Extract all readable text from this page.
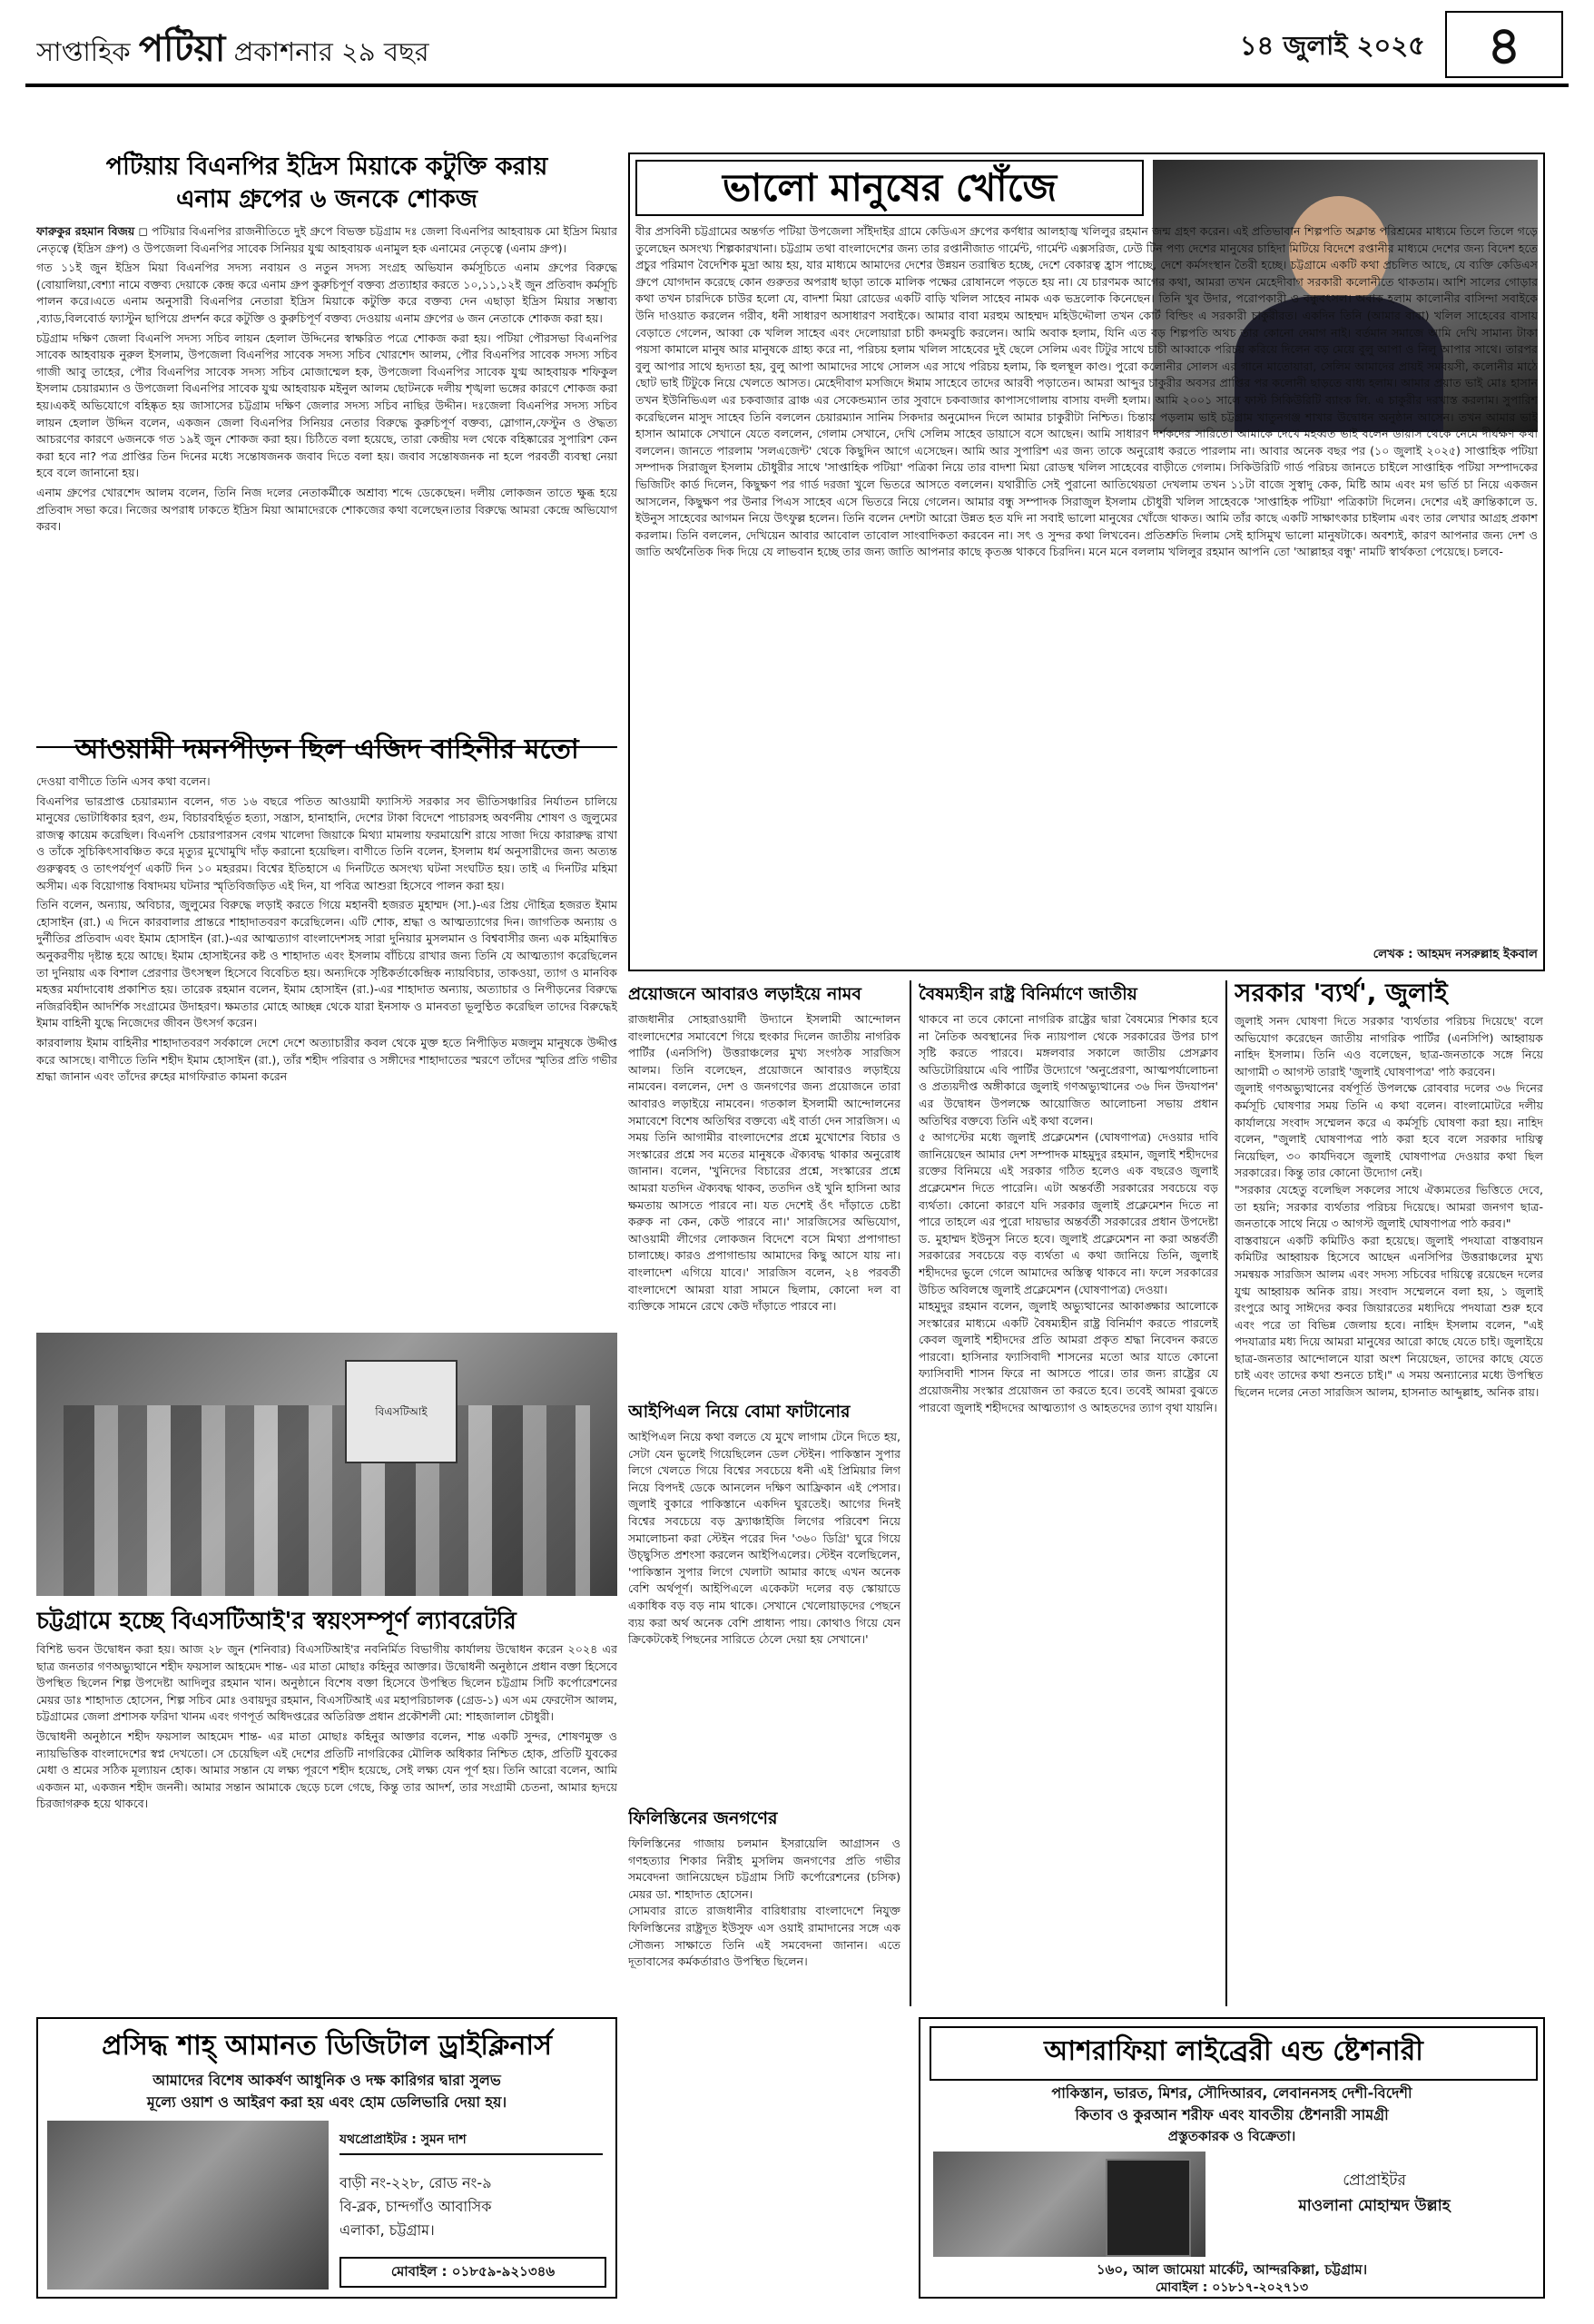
সাপ্তাহিক পটিয়া প্রকাশনার ২৯ বছর	১৪ জুলাই ২০২৫	৪
পটিয়ায় বিএনপির ইদ্রিস মিয়াকে কটুক্তি করায়
এনাম গ্রুপের ৬ জনকে শোকজ

ফারুকুর রহমান বিজয় ◻ পটিয়ার বিএনপির রাজনীতিতে দুই গ্রুপে বিভক্ত চট্টগ্রাম দঃ জেলা বিএনপির আহবায়ক মো ইদ্রিস মিয়ার নেতৃত্বে (ইদ্রিস গ্রুপ) ও উপজেলা বিএনপির সাবেক সিনিয়র যুগ্ম আহবায়ক এনামুল হক এনামের নেতৃত্বে (এনাম গ্রুপ)।

গত ১১ই জুন ইদ্রিস মিয়া বিএনপির সদস্য নবায়ন ও নতুন সদস্য সংগ্রহ অভিযান কর্মসূচিতে এনাম গ্রুপের বিরুদ্ধে (বোয়ালিয়া,বেশ্যা নামে বক্তব্য দেয়াকে কেন্দ্র করে এনাম গ্রুপ কুরুচিপূর্ণ বক্তব্য প্রত্যাহার করতে ১০,১১,১২ই জুন প্রতিবাদ কর্মসূচি পালন করে।এতে এনাম অনুসারী বিএনপির নেতারা ইদ্রিস মিয়াকে কটুক্তি করে বক্তব্য দেন এছাড়া ইদ্রিস মিয়ার সম্ভাব্য ,ব্যাড,বিলবোর্ড ফ্যাস্টুন ছাপিয়ে প্রদর্শন করে কটুক্তি ও কুরুচিপূর্ণ বক্তব্য দেওয়ায় এনাম গ্রুপের ৬ জন নেতাকে শোকজ করা হয়।

চট্টগ্রাম দক্ষিণ জেলা বিএনপি সদস্য সচিব লায়ন হেলাল উদ্দিনের স্বাক্ষরিত পত্রে শোকজ করা হয়। পটিয়া পৌরসভা বিএনপির সাবেক আহবায়ক নুরুল ইসলাম, উপজেলা বিএনপির সাবেক সদস্য সচিব খোরশেদ আলম, পৌর বিএনপির সাবেক সদস্য সচিব গাজী আবু তাহের, পৌর বিএনপির সাবেক সদস্য সচিব মোজাম্মেল হক, উপজেলা বিএনপির সাবেক যুগ্ম আহবায়ক শফিকুল ইসলাম চেয়ারম্যান ও উপজেলা বিএনপির সাবেক যুগ্ম আহবায়ক মইনুল আলম ছোটনকে দলীয় শৃঙ্খলা ভঙ্গের কারণে শোকজ করা হয়।একই অভিযোগে বহিষ্কৃত হয় জাসাসের চট্টগ্রাম দক্ষিণ জেলার সদস্য সচিব নাছির উদ্দীন। দঃজেলা বিএনপির সদস্য সচিব লায়ন হেলাল উদ্দিন বলেন, একজন জেলা বিএনপির সিনিয়র নেতার বিরুদ্ধে কুরুচিপূর্ণ বক্তব্য, স্লোগান,ফেস্টুন ও ঔদ্ধত্য আচরণের কারণে ৬জনকে গত ১৯ই জুন শোকজ করা হয়। চিঠিতে বলা হয়েছে, তারা কেন্দ্রীয় দল থেকে বহিষ্কারের সুপারিশ কেন করা হবে না? পত্র প্রাপ্তির তিন দিনের মধ্যে সন্তোষজনক জবাব দিতে বলা হয়। জবাব সন্তোষজনক না হলে পরবর্তী ব্যবস্থা নেয়া হবে বলে জানানো হয়।

এনাম গ্রুপের খোরশেদ আলম বলেন, তিনি নিজ দলের নেতাকর্মীকে অশ্রাব্য শব্দে ডেকেছেন। দলীয় লোকজন তাতে ক্ষুব্ধ হয়ে প্রতিবাদ সভা করে। নিজের অপরাধ ঢাকতে ইদ্রিস মিয়া আমাদেরকে শোকজের কথা বলেছেন।তার বিরুদ্ধে আমরা কেন্দ্রে অভিযোগ করব।

আওয়ামী দমনপীড়ন ছিল এজিদ বাহিনীর মতো

দেওয়া বাণীতে তিনি এসব কথা বলেন।

বিএনপির ভারপ্রাপ্ত চেয়ারম্যান বলেন, গত ১৬ বছরে পতিত আওয়ামী ফ্যাসিস্ট সরকার সব ভীতিসঞ্চারির নির্যাতন চালিয়ে মানুষের ভোটাধিকার হরণ, গুম, বিচারবহির্ভূত হত্যা, সন্ত্রাস, হানাহানি, দেশের টাকা বিদেশে পাচারসহ অবর্ণনীয় শোষণ ও জুলুমের রাজত্ব কায়েম করেছিল। বিএনপি চেয়ারপারসন বেগম খালেদা জিয়াকে মিথ্যা মামলায় ফরমায়েশি রায়ে সাজা দিয়ে কারারুদ্ধ রাখা ও তাঁকে সুচিকিৎসাবঞ্চিত করে মৃত্যুর মুখোমুখি দাঁড় করানো হয়েছিল। বাণীতে তিনি বলেন, ইসলাম ধর্ম অনুসারীদের জন্য অত্যন্ত গুরুত্ববহ ও তাৎপর্যপূর্ণ একটি দিন ১০ মহররম। বিশ্বের ইতিহাসে এ দিনটিতে অসংখ্য ঘটনা সংঘটিত হয়। তাই এ দিনটির মহিমা অসীম। এক বিয়োগান্ত বিষাদময় ঘটনার স্মৃতিবিজড়িত এই দিন, যা পবিত্র আশুরা হিসেবে পালন করা হয়।

তিনি বলেন, অন্যায়, অবিচার, জুলুমের বিরুদ্ধে লড়াই করতে গিয়ে মহানবী হজরত মুহাম্মদ (সা.)-এর প্রিয় দৌহিত্র হজরত ইমাম হোসাইন (রা.) এ দিনে কারবালার প্রান্তরে শাহাদাতবরণ করেছিলেন। এটি শোক, শ্রদ্ধা ও আত্মত্যাগের দিন। জাগতিক অন্যায় ও দুর্নীতির প্রতিবাদ এবং ইমাম হোসাইন (রা.)-এর আত্মত্যাগ বাংলাদেশসহ সারা দুনিয়ার মুসলমান ও বিশ্ববাসীর জন্য এক মহিমান্বিত অনুকরণীয় দৃষ্টান্ত হয়ে আছে। ইমাম হোসাইনের কষ্ট ও শাহাদাত এবং ইসলাম বাঁচিয়ে রাখার জন্য তিনি যে আত্মত্যাগ করেছিলেন তা দুনিয়ায় এক বিশাল প্রেরণার উৎসস্থল হিসেবে বিবেচিত হয়। অন্যদিকে সৃষ্টিকর্তাকেন্দ্রিক ন্যায়বিচার, তাকওয়া, ত্যাগ ও মানবিক মহত্তর মর্যাদাবোধ প্রকাশিত হয়। তারেক রহমান বলেন, ইমাম হোসাইন (রা.)-এর শাহাদাত অন্যায়, অত্যাচার ও নিপীড়নের বিরুদ্ধে নজিরবিহীন আদর্শিক সংগ্রামের উদাহরণ। ক্ষমতার মোহে আচ্ছন্ন থেকে যারা ইনসাফ ও মানবতা ভূলুণ্ঠিত করেছিল তাদের বিরুদ্ধেই ইমাম বাহিনী যুদ্ধে নিজেদের জীবন উৎসর্গ করেন।

কারবালায় ইমাম বাহিনীর শাহাদাতবরণ সর্বকালে দেশে দেশে অত্যাচারীর কবল থেকে মুক্ত হতে নিপীড়িত মজলুম মানুষকে উদ্দীপ্ত করে আসছে। বাণীতে তিনি শহীদ ইমাম হোসাইন (রা.), তাঁর শহীদ পরিবার ও সঙ্গীদের শাহাদাতের স্মরণে তাঁদের স্মৃতির প্রতি গভীর শ্রদ্ধা জানান এবং তাঁদের রুহের মাগফিরাত কামনা করেন

ভালো মানুষের খোঁজে

বীর প্রসবিনী চট্টগ্রামের অন্তর্গত পটিয়া উপজেলা সাঁইদাইর গ্রামে কেডিএস গ্রুপের কর্ণধার আলহাজ্ব খলিলুর রহমান জন্ম গ্রহণ করেন। এই প্রতিভাবান শিল্পপতি অক্লান্ত পরিশ্রমের মাধ্যমে তিলে তিলে গড়ে তুলেছেন অসংখ্য শিল্পকারখানা। চট্টগ্রাম তথা বাংলাদেশের জন্য তার রপ্তানীজাত গার্মেন্ট, গার্মেন্ট এক্সসরিজ, ঢেউ টিন পণ্য দেশের মানুষের চাহিদা মিটিয়ে বিদেশে রপ্তানীর মাধ্যমে দেশের জন্য বিদেশ হতে প্রচুর পরিমাণ বৈদেশিক মুদ্রা আয় হয়, যার মাধ্যমে আমাদের দেশের উন্নয়ন তরান্বিত হচ্ছে, দেশে বেকারত্ব হ্রাস পাচ্ছে, দেশে কর্মসংস্থান তৈরী হচ্ছে। চট্টগ্রামে একটি কথা প্রচলিত আছে, যে ব্যক্তি কেডিএস গ্রুপে যোগদান করেছে কোন গুরুতর অপরাধ ছাড়া তাকে মালিক পক্ষের রোষানলে পড়তে হয় না। যে চারণমক আগের কথা, আমরা তখন মেহেদীবাগ সরকারী কলোনীতে থাকতাম। আশি সালের গোড়ার কথা তখন চারদিকে চাউর হলো যে, বাদশা মিয়া রোডের একটি বাড়ি খলিল সাহেব নামক এক ভদ্রলোক কিনেছেন। তিনি খুব উদার, পরোপকারী ও বন্ধুবৎসল। অবাক হলাম কালোনীর বাসিন্দা সবাইকে উনি দাওয়াত করলেন গরীব, ধনী সাধারণ অসাধারণ সবাইকে। আমার বাবা মরহুম আহম্মদ মহিউদ্দৌলা তখন কোর্ট বিল্ডিং এ সরকারী চাকুরীরত। একদিন তিনি (আমার বাবা) খলিল সাহেবের বাসায় বেড়াতে গেলেন, আব্বা কে খলিল সাহেব এবং দেলোয়ারা চাচী কদমবুচি করলেন। আমি অবাক হলাম, যিনি এত বড় শিল্পপতি অথচ তার কোনো দেমাগ নাই। বর্তমান সমাজে আমি দেখি সামান্য টাকা পয়সা কামালে মানুষ আর মানুষকে গ্রাহ্য করে না, পরিচয় হলাম খলিল সাহেবের দুই ছেলে সেলিম এবং টিটুর সাথে চাচী আব্বাকে পরিচয় করিয়ে দিলেন বড় মেয়ে বুলু আপা ও নিলু আপার সাথে। তারপর বুলু আপার সাথে হৃদ্যতা হয়, বুলু আপা আমাদের সাথে সোলস এর সাথে পরিচয় হলাম, কি হুলস্থূল কাণ্ড। পুরো কলোনীর সোলস এর গানে মাতোয়ারা, সেলিম আমাদের প্রায়ই সমবয়সী, কলোনীর মাঠে ছোট ভাই টিটুকে নিয়ে খেলতে আসত। মেহেদীবাগ মসজিদে ঈমাম সাহেবে তাদের আরবী পড়াতেন। আমরা আব্দুর চাকুরীর অবসর প্রাপ্তির পর কলোনী ছাড়তে বাধ্য হলাম। আমার প্রয়াত ভাই মোঃ হাসান তখন ইউনিভিএল এর চকবাজার ব্রাঞ্চ এর সেকেন্ডম্যান তার সুবাদে চকবাজার কাপাসগোলায় বাসায় বদলী হলাম। আমি ২০০১ সালে ফাস্ট সিকিউরিটি ব্যাংক লি. এ চাকুরীর দরখাস্ত করলাম। সুপারিশ করেছিলেন মাসুদ সাহেব তিনি বললেন চেয়ারম্যান সানিম সিকদার অনুমোদন দিলে আমার চাকুরীটা নিশ্চিত। চিন্তায় পড়লাম ভাই চট্টগ্রাম খাতুনগঞ্জ শাখার উদ্বোধন অনুষ্ঠান আসেন। তখন আমার ভাই হাসান আমাকে সেখানে যেতে বললেন, গেলাম সেখানে, দেখি সেলিম সাহেব ডায়াসে বসে আছেন। আমি সাধারণ দর্শকদের সারিতে। আমাকে দেখে মহব্বত ভাই বলেন ডায়াস থেকে নেমে দীর্ঘক্ষণ কথা বললেন। জানতে পারলাম 'সলএজেন্ট' থেকে কিছুদিন আগে এসেছেন। আমি আর সুপারিশ এর জন্য তাকে অনুরোধ করতে পারলাম না। আবার অনেক বছর পর (১০ জুলাই ২০২৫) সাপ্তাহিক পটিয়া সম্পাদক সিরাজুল ইসলাম চৌধুরীর সাথে 'সাপ্তাহিক পটিয়া' পত্রিকা নিয়ে তার বাদশা মিয়া রোডস্থ খলিল সাহেবের বাড়ীতে গেলাম। সিকিউরিটি গার্ড পরিচয় জানতে চাইলে সাপ্তাহিক পটিয়া সম্পাদকের ভিজিটিং কার্ড দিলেন, কিছুক্ষণ পর গার্ড দরজা খুলে ভিতরে আসতে বললেন। যথারীতি সেই পুরানো আতিথেয়তা দেখলাম তখন ১১টা বাজে সুস্বাদু কেক, মিষ্টি আম এবং মগ ভর্তি চা নিয়ে একজন আসলেন, কিছুক্ষণ পর উনার পিএস সাহেব এসে ভিতরে নিয়ে গেলেন। আমার বন্ধু সম্পাদক সিরাজুল ইসলাম চৌধুরী খলিল সাহেবকে 'সাপ্তাহিক পটিয়া' পত্রিকাটা দিলেন। দেশের এই ক্রান্তিকালে ড. ইউনুস সাহেবের আগমন নিয়ে উৎফুল্ল হলেন। তিনি বলেন দেশটা আরো উন্নত হত যদি না সবাই ভালো মানুষের খোঁজে থাকত। আমি তাঁর কাছে একটি সাক্ষাৎকার চাইলাম এবং তার লেখার আগ্রহ প্রকাশ করলাম। তিনি বললেন, দেখিয়েন আবার আবোল তাবোল সাংবাদিকতা করবেন না। সৎ ও সুন্দর কথা লিখবেন। প্রতিশ্রুতি দিলাম সেই হাসিমুখ ভালো মানুষটাকে। অবশ্যই, কারণ আপনার জন্য দেশ ও জাতি অর্থনৈতিক দিক দিয়ে যে লাভবান হচ্ছে তার জন্য জাতি আপনার কাছে কৃতজ্ঞ থাকবে চিরদিন। মনে মনে বললাম খলিলুর রহমান আপনি তো 'আল্লাহর বন্ধু' নামটি স্বার্থকতা পেয়েছে। চলবে-

লেখক : আহমদ নসরুল্লাহ ইকবাল
প্রয়োজনে আবারও লড়াইয়ে নামব
রাজধানীর সোহরাওয়ার্দী উদ্যানে ইসলামী আন্দোলন বাংলাদেশের সমাবেশে গিয়ে হুংকার দিলেন জাতীয় নাগরিক পার্টির (এনসিপি) উত্তরাঞ্চলের মুখ্য সংগঠক সারজিস আলম। তিনি বলেছেন, প্রয়োজনে আবারও লড়াইয়ে নামবেন। বললেন, দেশ ও জনগণের জন্য প্রয়োজনে তারা আবারও লড়াইয়ে নামবেন। গতকাল ইসলামী আন্দোলনের সমাবেশে বিশেষ অতিথির বক্তব্যে এই বার্তা দেন সারজিস। এ সময় তিনি আগামীর বাংলাদেশের প্রশ্নে মুখোশের বিচার ও সংস্কারের প্রশ্নে সব মতের মানুষকে ঐক্যবদ্ধ থাকার অনুরোধ জানান। বলেন, 'খুনিদের বিচারের প্রশ্নে, সংস্কারের প্রশ্নে আমরা যতদিন ঐক্যবদ্ধ থাকব, ততদিন ওই খুনি হাসিনা আর ক্ষমতায় আসতে পারবে না। যত দেশেই ওঁৎ দাঁড়াতে চেষ্টা করুক না কেন, কেউ পারবে না।' সারজিসের অভিযোগ, আওয়ামী লীগের লোকজন বিদেশে বসে মিথ্যা প্রপাগান্ডা চালাচ্ছে। কারও প্রপাগান্ডায় আমাদের কিছু আসে যায় না। বাংলাদেশ এগিয়ে যাবে।' সারজিস বলেন, ২৪ পরবর্তী বাংলাদেশে আমরা যারা সামনে ছিলাম, কোনো দল বা ব্যক্তিকে সামনে রেখে কেউ দাঁড়াতে পারবে না।
বৈষম্যহীন রাষ্ট্র বিনির্মাণে জাতীয়
থাকবে না তবে কোনো নাগরিক রাষ্ট্রের দ্বারা বৈষম্যের শিকার হবে না নৈতিক অবস্থানের দিক ন্যায়পাল থেকে সরকারের উপর চাপ সৃষ্টি করতে পারবে। মঙ্গলবার সকালে জাতীয় প্রেসক্লাব অডিটোরিয়ামে এবি পার্টির উদ্যোগে 'অনুপ্রেরণা, আত্মপর্যালোচনা ও প্রত্যয়দীপ্ত অঙ্গীকারে জুলাই গণঅভ্যুত্থানের ৩৬ দিন উদযাপন' এর উদ্বোধন উপলক্ষে আয়োজিত আলোচনা সভায় প্রধান অতিথির বক্তব্যে তিনি এই কথা বলেন।
৫ আগস্টের মধ্যে জুলাই প্রক্লেমেশন (ঘোষণাপত্র) দেওয়ার দাবি জানিয়েছেন আমার দেশ সম্পাদক মাহমুদুর রহমান, জুলাই শহীদদের রক্তের বিনিময়ে এই সরকার গঠিত হলেও এক বছরেও জুলাই প্রক্লেমেশন দিতে পারেনি। এটা অন্তর্বর্তী সরকারের সবচেয়ে বড় ব্যর্থতা। কোনো কারণে যদি সরকার জুলাই প্রক্লেমেশন দিতে না পারে তাহলে এর পুরো দায়ভার অন্তর্বর্তী সরকারের প্রধান উপদেষ্টা ড. মুহাম্মদ ইউনুস নিতে হবে। জুলাই প্রক্লেমেশন না করা অন্তর্বর্তী সরকারের সবচেয়ে বড় ব্যর্থতা এ কথা জানিয়ে তিনি, জুলাই শহীদদের ভুলে গেলে আমাদের অস্তিত্ব থাকবে না। ফলে সরকারের উচিত অবিলম্বে জুলাই প্রক্লেমেশন (ঘোষণাপত্র) দেওয়া।
মাহমুদুর রহমান বলেন, জুলাই অভ্যুত্থানের আকাঙ্ক্ষার আলোকে সংস্কারের মাধ্যমে একটি বৈষম্যহীন রাষ্ট্র বিনির্মাণ করতে পারলেই কেবল জুলাই শহীদদের প্রতি আমরা প্রকৃত শ্রদ্ধা নিবেদন করতে পারবো। হাসিনার ফ্যাসিবাদী শাসনের মতো আর যাতে কোনো ফ্যাসিবাদী শাসন ফিরে না আসতে পারে। তার জন্য রাষ্ট্রের যে প্রয়োজনীয় সংস্কার প্রয়োজন তা করতে হবে। তবেই আমরা বুঝতে পারবো জুলাই শহীদদের আত্মত্যাগ ও আহতদের ত্যাগ বৃথা যায়নি।
সরকার 'ব্যর্থ', জুলাই
জুলাই সনদ ঘোষণা দিতে সরকার 'ব্যর্থতার পরিচয় দিয়েছে' বলে অভিযোগ করেছেন জাতীয় নাগরিক পার্টির (এনসিপি) আহ্বায়ক নাহিদ ইসলাম। তিনি এও বলেছেন, ছাত্র-জনতাকে সঙ্গে নিয়ে আগামী ৩ আগস্ট তারাই 'জুলাই ঘোষণাপত্র' পাঠ করবেন।
জুলাই গণঅভ্যুত্থানের বর্ষপূর্তি উপলক্ষে রোববার দলের ৩৬ দিনের কর্মসূচি ঘোষণার সময় তিনি এ কথা বলেন। বাংলামোটরে দলীয় কার্যালয়ে সংবাদ সম্মেলন করে এ কর্মসূচি ঘোষণা করা হয়। নাহিদ বলেন, "জুলাই ঘোষণাপত্র পাঠ করা হবে বলে সরকার দায়িত্ব নিয়েছিল, ৩০ কার্যদিবসে জুলাই ঘোষণাপত্র দেওয়ার কথা ছিল সরকারের। কিন্তু তার কোনো উদ্যোগ নেই।
"সরকার যেহেতু বলেছিল সকলের সাথে ঐক্যমতের ভিত্তিতে দেবে, তা হয়নি; সরকার ব্যর্থতার পরিচয় দিয়েছে। আমরা জনগণ ছাত্র-জনতাকে সাথে নিয়ে ৩ আগস্ট জুলাই ঘোষণাপত্র পাঠ করব।"
বাস্তবায়নে একটি কমিটিও করা হয়েছে। জুলাই পদযাত্রা বাস্তবায়ন কমিটির আহ্বায়ক হিসেবে আছেন এনসিপির উত্তরাঞ্চলের মুখ্য সমন্বয়ক সারজিস আলম এবং সদস্য সচিবের দায়িত্বে রয়েছেন দলের যুগ্ম আহ্বায়ক অনিক রায়। সংবাদ সম্মেলনে বলা হয়, ১ জুলাই রংপুরে আবু সাঈদের কবর জিয়ারতের মধ্যদিয়ে পদযাত্রা শুরু হবে এবং পরে তা বিভিন্ন জেলায় হবে। নাহিদ ইসলাম বলেন, "এই পদযাত্রার মধ্য দিয়ে আমরা মানুষের আরো কাছে যেতে চাই। জুলাইয়ে ছাত্র-জনতার আন্দোলনে যারা অংশ নিয়েছেন, তাদের কাছে যেতে চাই এবং তাদের কথা শুনতে চাই।" এ সময় অন্যান্যের মধ্যে উপস্থিত ছিলেন দলের নেতা সারজিস আলম, হাসনাত আব্দুল্লাহ, অনিক রায়।
বিএসটিআই
চট্টগ্রামে হচ্ছে বিএসটিআই'র স্বয়ংসম্পূর্ণ ল্যাবরেটরি

বিশিষ্ট ভবন উদ্বোধন করা হয়। আজ ২৮ জুন (শনিবার) বিএসটিআই'র নবনির্মিত বিভাগীয় কার্যালয় উদ্বোধন করেন ২০২৪ এর ছাত্র জনতার গণঅভ্যুত্থানে শহীদ ফয়সাল আহমেদ শান্ত- এর মাতা মোছাঃ কহিনুর আক্তার। উদ্বোধনী অনুষ্ঠানে প্রধান বক্তা হিসেবে উপস্থিত ছিলেন শিল্প উপদেষ্টা আদিলুর রহমান খান। অনুষ্ঠানে বিশেষ বক্তা হিসেবে উপস্থিত ছিলেন চট্টগ্রাম সিটি কর্পোরেশনের মেয়র ডাঃ শাহাদাত হোসেন, শিল্প সচিব মোঃ ওবায়দুর রহমান, বিএসটিআই এর মহাপরিচালক (গ্রেড-১) এস এম ফেরদৌস আলম, চট্টগ্রামের জেলা প্রশাসক ফরিদা খানম এবং গণপূর্ত অধিদপ্তরের অতিরিক্ত প্রধান প্রকৌশলী মো: শাহজালাল চৌধুরী।

উদ্বোধনী অনুষ্ঠানে শহীদ ফয়সাল আহমেদ শান্ত- এর মাতা মোছাঃ কহিনুর আক্তার বলেন, শান্ত একটি সুন্দর, শোষণমুক্ত ও ন্যায়ভিত্তিক বাংলাদেশের স্বপ্ন দেখতো। সে চেয়েছিল এই দেশের প্রতিটি নাগরিকের মৌলিক অধিকার নিশ্চিত হোক, প্রতিটি যুবকের মেধা ও শ্রমের সঠিক মূল্যায়ন হোক। আমার সন্তান যে লক্ষ্য পূরণে শহীদ হয়েছে, সেই লক্ষ্য যেন পূর্ণ হয়। তিনি আরো বলেন, আমি একজন মা, একজন শহীদ জননী। আমার সন্তান আমাকে ছেড়ে চলে গেছে, কিন্তু তার আদর্শ, তার সংগ্রামী চেতনা, আমার হৃদয়ে চিরজাগরুক হয়ে থাকবে।

আইপিএল নিয়ে বোমা ফাটানোর
আইপিএল নিয়ে কথা বলতে যে মুখে লাগাম টেনে দিতে হয়, সেটা যেন ভুলেই গিয়েছিলেন ডেল স্টেইন। পাকিস্তান সুপার লিগে খেলতে গিয়ে বিশ্বের সবচেয়ে ধনী এই প্রিমিয়ার লিগ নিয়ে বিপদই ডেকে আনলেন দক্ষিণ আফ্রিকান এই পেসার। জুলাই বুকারে পাকিস্তানে একদিন ঘুরতেই। আগের দিনই বিশ্বের সবচেয়ে বড় ফ্র্যাঞ্চাইজি লিগের পরিবেশ নিয়ে সমালোচনা করা স্টেইন পরের দিন '৩৬০ ডিগ্রি' ঘুরে গিয়ে উচ্ছ্বসিত প্রশংসা করলেন আইপিএলের। স্টেইন বলেছিলেন, 'পাকিস্তান সুপার লিগে খেলাটা আমার কাছে এখন অনেক বেশি অর্থপূর্ণ। আইপিএলে একেকটা দলের বড় স্কোয়াডে একাধিক বড় বড় নাম থাকে। সেখানে খেলোয়াড়দের পেছনে ব্যয় করা অর্থ অনেক বেশি প্রাধান্য পায়। কোথাও গিয়ে যেন ক্রিকেটকেই পিছনের সারিতে ঠেলে দেয়া হয় সেখানে।'
ফিলিস্তিনের জনগণের
ফিলিস্তিনের গাজায় চলমান ইসরায়েলি আগ্রাসন ও গণহত্যার শিকার নিরীহ মুসলিম জনগণের প্রতি গভীর সমবেদনা জানিয়েছেন চট্টগ্রাম সিটি কর্পোরেশনের (চসিক) মেয়র ডা. শাহাদাত হোসেন।
সোমবার রাতে রাজধানীর বারিধারায় বাংলাদেশে নিযুক্ত ফিলিস্তিনের রাষ্ট্রদূত ইউসুফ এস ওয়াই রামাদানের সঙ্গে এক সৌজন্য সাক্ষাতে তিনি এই সমবেদনা জানান। এতে দূতাবাসের কর্মকর্তারাও উপস্থিত ছিলেন।
প্রসিদ্ধ শাহ্ আমানত ডিজিটাল ড্রাইক্লিনার্স
আমাদের বিশেষ আকর্ষণ আধুনিক ও দক্ষ কারিগর দ্বারা সুলভ
মূল্যে ওয়াশ ও আইরণ করা হয় এবং হোম ডেলিভারি দেয়া হয়।
যথপ্রোপ্রাইটর : সুমন দাশ
বাড়ী নং-২২৮, রোড নং-৯
বি-ব্লক, চান্দগাঁও আবাসিক
এলাকা, চট্টগ্রাম।
মোবাইল : ০১৮৫৯-৯২১৩৪৬
আশরাফিয়া লাইব্রেরী এন্ড ষ্টেশনারী
পাকিস্তান, ভারত, মিশর, সৌদিআরব, লেবাননসহ দেশী-বিদেশী
কিতাব ও কুরআন শরীফ এবং যাবতীয় ষ্টেশনারী সামগ্রী
প্রস্তুতকারক ও বিক্রেতা।
প্রোপ্রাইটর
মাওলানা মোহাম্মদ উল্লাহ
১৬০, আল জামেয়া মার্কেট, আন্দরকিল্লা, চট্টগ্রাম।
মোবাইল : ০১৮১৭-২০২৭১৩
